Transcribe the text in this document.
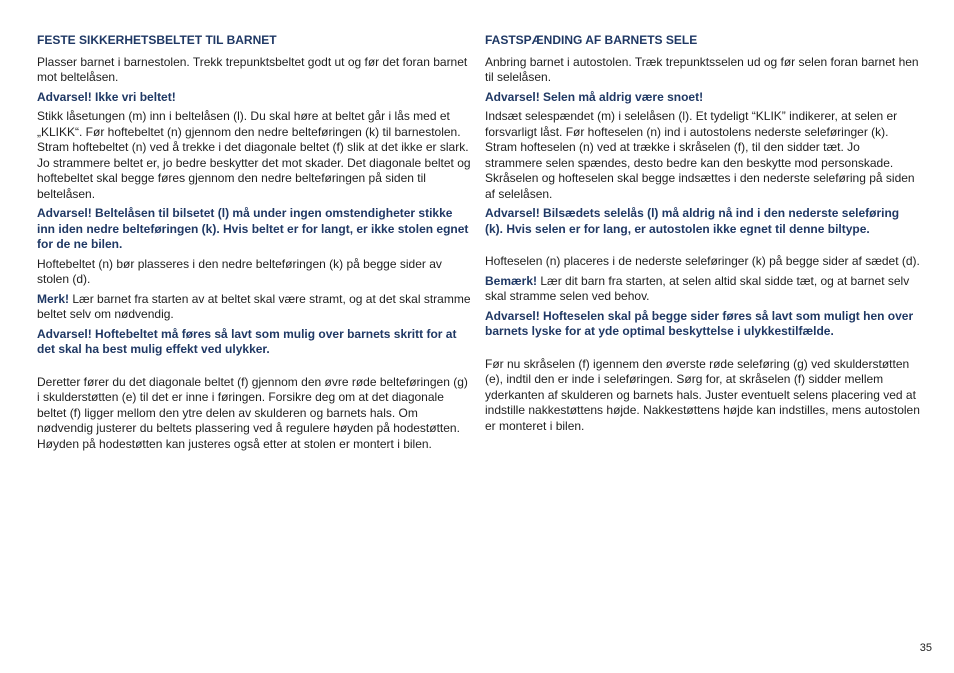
FESTE SIKKERHETSBELTET TIL BARNET

Plasser barnet i barnestolen. Trekk trepunktsbeltet godt ut og før det foran barnet mot beltelåsen.

Advarsel! Ikke vri beltet!

Stikk låsetungen (m) inn i beltelåsen (l). Du skal høre at beltet går i lås med et „KLIKK“. Før hoftebeltet (n) gjennom den nedre belteføringen (k) til barnestolen. Stram hoftebeltet (n) ved å trekke i det diagonale beltet (f) slik at det ikke er slark. Jo strammere beltet er, jo bedre beskytter det mot skader. Det diagonale beltet og hoftebeltet skal begge føres gjennom den nedre belteføringen på siden til beltelåsen.

Advarsel! Beltelåsen til bilsetet (l) må under ingen omstendigheter stikke inn iden nedre belteføringen (k). Hvis beltet er for langt, er ikke stolen egnet for de ne bilen.

Hoftebeltet (n) bør plasseres i den nedre belteføringen (k) på begge sider av stolen (d).

Merk! Lær barnet fra starten av at beltet skal være stramt, og at det skal stramme beltet selv om nødvendig.

Advarsel! Hoftebeltet må føres så lavt som mulig over barnets skritt for at det skal ha best mulig effekt ved ulykker.

Deretter fører du det diagonale beltet (f) gjennom den øvre røde belteføringen (g) i skulderstøtten (e) til det er inne i føringen. Forsikre deg om at det diagonale beltet (f) ligger mellom den ytre delen av skulderen og barnets hals. Om nødvendig justerer du beltets plassering ved å regulere høyden på hodestøtten. Høyden på hodestøtten kan justeres også etter at stolen er montert i bilen.

FASTSPÆNDING AF BARNETS SELE

Anbring barnet i autostolen. Træk trepunktsselen ud og før selen foran barnet hen til selelåsen.

Advarsel! Selen må aldrig være snoet!

Indsæt selespændet (m) i selelåsen (l). Et tydeligt “KLIK” indikerer, at selen er forsvarligt låst. Før hofteselen (n) ind i autostolens nederste seleføringer (k). Stram hofteselen (n) ved at trække i skråselen (f), til den sidder tæt. Jo strammere selen spændes, desto bedre kan den beskytte mod personskade. Skråselen og hofteselen skal begge indsættes i den nederste seleføring på siden af selelåsen.

Advarsel! Bilsædets selelås (l) må aldrig nå ind i den nederste seleføring (k). Hvis selen er for lang, er autostolen ikke egnet til denne biltype.

Hofteselen (n) placeres i de nederste seleføringer (k) på begge sider af sædet (d).

Bemærk! Lær dit barn fra starten, at selen altid skal sidde tæt, og at barnet selv skal stramme selen ved behov.

Advarsel! Hofteselen skal på begge sider føres så lavt som muligt hen over barnets lyske for at yde optimal beskyttelse i ulykkestilfælde.

Før nu skråselen (f) igennem den øverste røde seleføring (g) ved skulderstøtten (e), indtil den er inde i seleføringen. Sørg for, at skråselen (f) sidder mellem yderkanten af skulderen og barnets hals. Juster eventuelt selens placering ved at indstille nakkestøttens højde. Nakkestøttens højde kan indstilles, mens autostolen er monteret i bilen.

35
